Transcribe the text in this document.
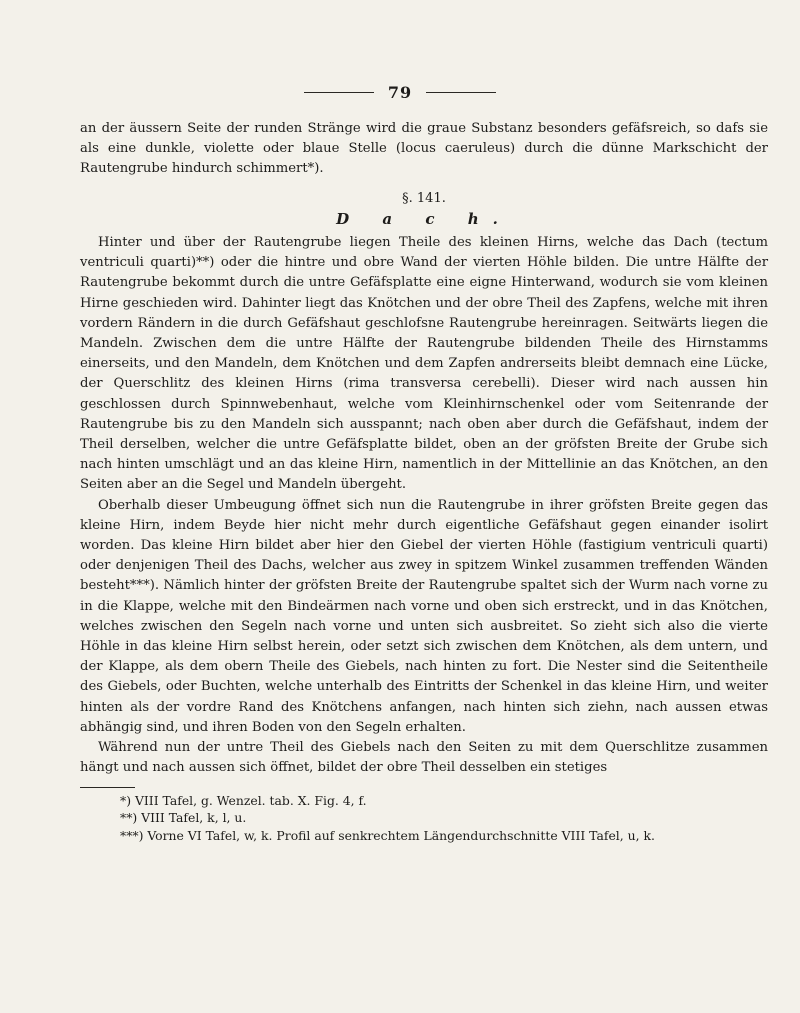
79

an der äussern Seite der runden Stränge wird die graue Substanz besonders gefäfsreich, so dafs sie als eine dunkle, violette oder blaue Stelle (locus caeruleus) durch die dünne Markschicht der Rautengrube hindurch schimmert*).

§. 141.

D a c h.

Hinter und über der Rautengrube liegen Theile des kleinen Hirns, welche das Dach (tectum ventriculi quarti)**) oder die hintre und obre Wand der vierten Höhle bilden. Die untre Hälfte der Rautengrube bekommt durch die untre Gefäfsplatte eine eigne Hinterwand, wodurch sie vom kleinen Hirne geschieden wird. Dahinter liegt das Knötchen und der obre Theil des Zapfens, welche mit ihren vordern Rändern in die durch Gefäfshaut geschlofsne Rautengrube hereinragen. Seitwärts liegen die Mandeln. Zwischen dem die untre Hälfte der Rautengrube bildenden Theile des Hirnstamms einerseits, und den Mandeln, dem Knötchen und dem Zapfen andrerseits bleibt demnach eine Lücke, der Querschlitz des kleinen Hirns (rima transversa cerebelli). Dieser wird nach aussen hin geschlossen durch Spinnwebenhaut, welche vom Kleinhirnschenkel oder vom Seitenrande der Rautengrube bis zu den Mandeln sich ausspannt; nach oben aber durch die Gefäfshaut, indem der Theil derselben, welcher die untre Gefäfsplatte bildet, oben an der gröfsten Breite der Grube sich nach hinten umschlägt und an das kleine Hirn, namentlich in der Mittellinie an das Knötchen, an den Seiten aber an die Segel und Mandeln übergeht.

Oberhalb dieser Umbeugung öffnet sich nun die Rautengrube in ihrer gröfsten Breite gegen das kleine Hirn, indem Beyde hier nicht mehr durch eigentliche Gefäfshaut gegen einander isolirt worden. Das kleine Hirn bildet aber hier den Giebel der vierten Höhle (fastigium ventriculi quarti) oder denjenigen Theil des Dachs, welcher aus zwey in spitzem Winkel zusammen treffenden Wänden besteht***). Nämlich hinter der gröfsten Breite der Rautengrube spaltet sich der Wurm nach vorne zu in die Klappe, welche mit den Bindeärmen nach vorne und oben sich erstreckt, und in das Knötchen, welches zwischen den Segeln nach vorne und unten sich ausbreitet. So zieht sich also die vierte Höhle in das kleine Hirn selbst herein, oder setzt sich zwischen dem Knötchen, als dem untern, und der Klappe, als dem obern Theile des Giebels, nach hinten zu fort. Die Nester sind die Seitentheile des Giebels, oder Buchten, welche unterhalb des Eintritts der Schenkel in das kleine Hirn, und weiter hinten als der vordre Rand des Knötchens anfangen, nach hinten sich ziehn, nach aussen etwas abhängig sind, und ihren Boden von den Segeln erhalten.

Während nun der untre Theil des Giebels nach den Seiten zu mit dem Querschlitze zusammen hängt und nach aussen sich öffnet, bildet der obre Theil desselben ein stetiges

*) VIII Tafel, g. Wenzel. tab. X. Fig. 4, f.

**) VIII Tafel, k, l, u.

***) Vorne VI Tafel, w, k. Profil auf senkrechtem Längendurchschnitte VIII Tafel, u, k.
